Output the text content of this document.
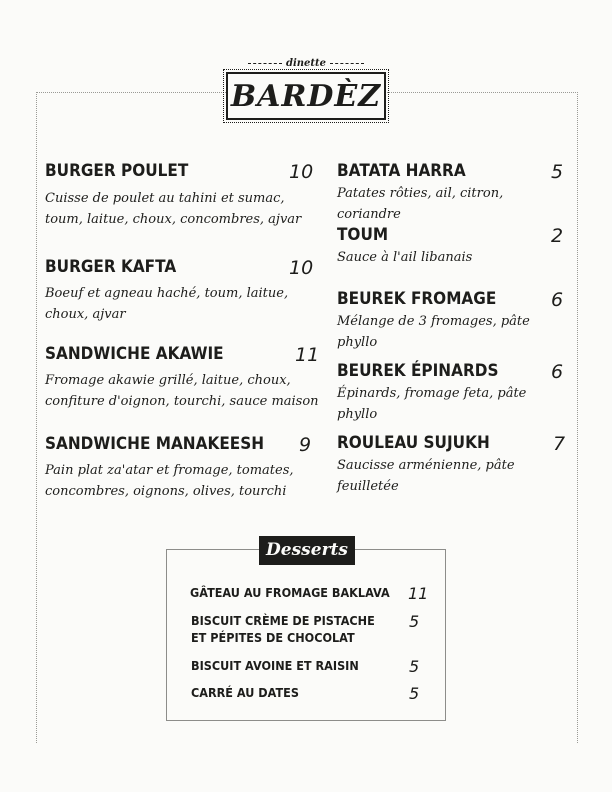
dinette
BARDÈZ
BURGER POULET	10
Cuisse de poulet au tahini et sumac,
toum, laitue, choux, concombres, ajvar
BURGER KAFTA	10
Boeuf et agneau haché, toum, laitue,
choux, ajvar
SANDWICHE AKAWIE	11
Fromage akawie grillé, laitue, choux,
confiture d'oignon, tourchi, sauce maison
SANDWICHE MANAKEESH 9
Pain plat za'atar et fromage, tomates,
concombres, oignons, olives, tourchi
BATATA HARRA	5
Patates rôties, ail, citron, coriandre
TOUM	2
Sauce à l'ail libanais
BEUREK FROMAGE	6
Mélange de 3 fromages, pâte phyllo
BEUREK ÉPINARDS	6
Épinards, fromage feta, pâte phyllo
ROULEAU SUJUKH	7
Saucisse arménienne, pâte
feuilletée
Desserts
GÂTEAU AU FROMAGE BAKLAVA 11
BISCUIT CRÈME DE PISTACHE
ET PÉPITES DE CHOCOLAT
5
BISCUIT AVOINE ET RAISIN	5
CARRÉ AU DATES	5
